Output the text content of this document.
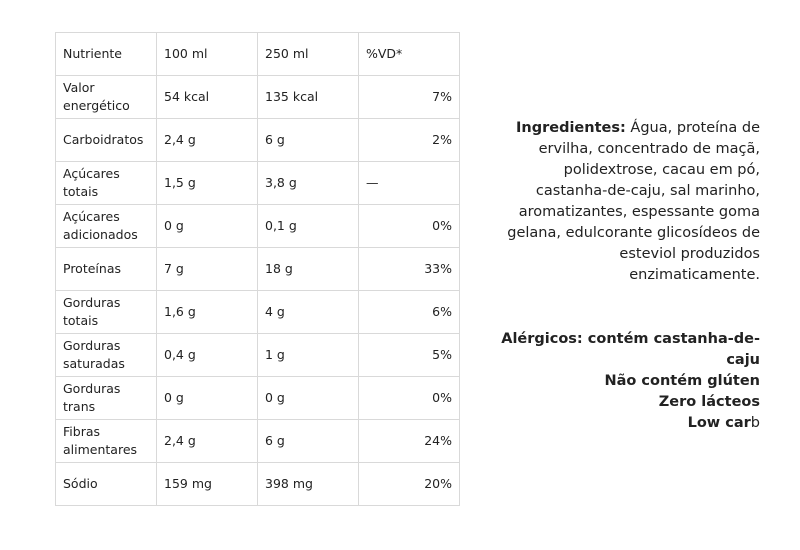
Nutriente	100 ml	250 ml	%VD*
Valor energético	54 kcal	135 kcal	7%
Carboidratos	2,4 g	6 g	2%
Açúcares totais	1,5 g	3,8 g	—
Açúcares adicionados	0 g	0,1 g	0%
Proteínas	7 g	18 g	33%
Gorduras totais	1,6 g	4 g	6%
Gorduras saturadas	0,4 g	1 g	5%
Gorduras trans	0 g	0 g	0%
Fibras alimentares	2,4 g	6 g	24%
Sódio	159 mg	398 mg	20%
Ingredientes: Água, proteína de ervilha, concentrado de maçã, polidextrose, cacau em pó, castanha-de-caju, sal marinho, aromatizantes, espessante goma gelana, edulcorante glicosídeos de esteviol produzidos enzimaticamente.
Alérgicos: contém castanha-de-caju
Não contém glúten
Zero lácteos
Low carb
